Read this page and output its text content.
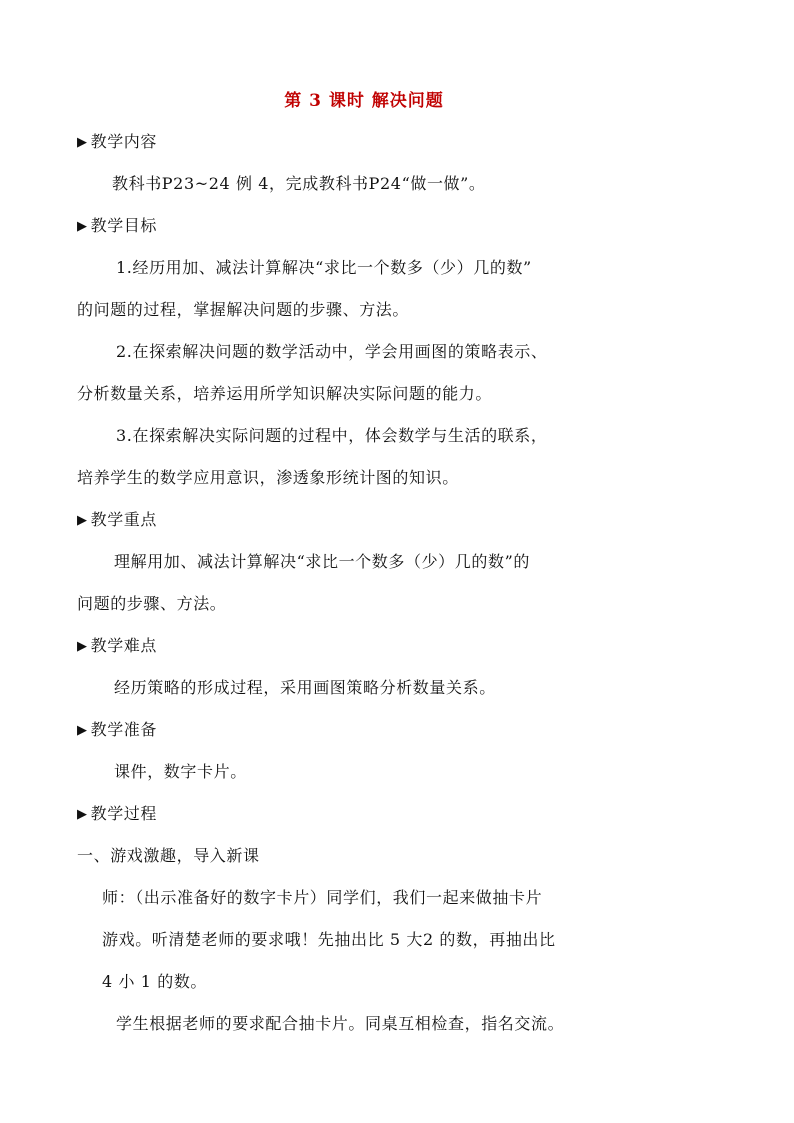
第 3 课时 解决问题
▶ 教学内容
教科书P23~24 例 4，完成教科书P24“做一做”。
▶ 教学目标
1.经历用加、减法计算解决“求比一个数多（少）几的数”
的问题的过程，掌握解决问题的步骤、方法。
2.在探索解决问题的数学活动中，学会用画图的策略表示、
分析数量关系，培养运用所学知识解决实际问题的能力。
3.在探索解决实际问题的过程中，体会数学与生活的联系，
培养学生的数学应用意识，渗透象形统计图的知识。
▶ 教学重点
理解用加、减法计算解决“求比一个数多（少）几的数”的
问题的步骤、方法。
▶ 教学难点
经历策略的形成过程，采用画图策略分析数量关系。
▶ 教学准备
课件，数字卡片。
▶ 教学过程
一、游戏激趣，导入新课
师：（出示准备好的数字卡片）同学们，我们一起来做抽卡片
游戏。听清楚老师的要求哦！先抽出比 5 大2 的数，再抽出比
4 小 1 的数。
学生根据老师的要求配合抽卡片。同桌互相检查，指名交流。
